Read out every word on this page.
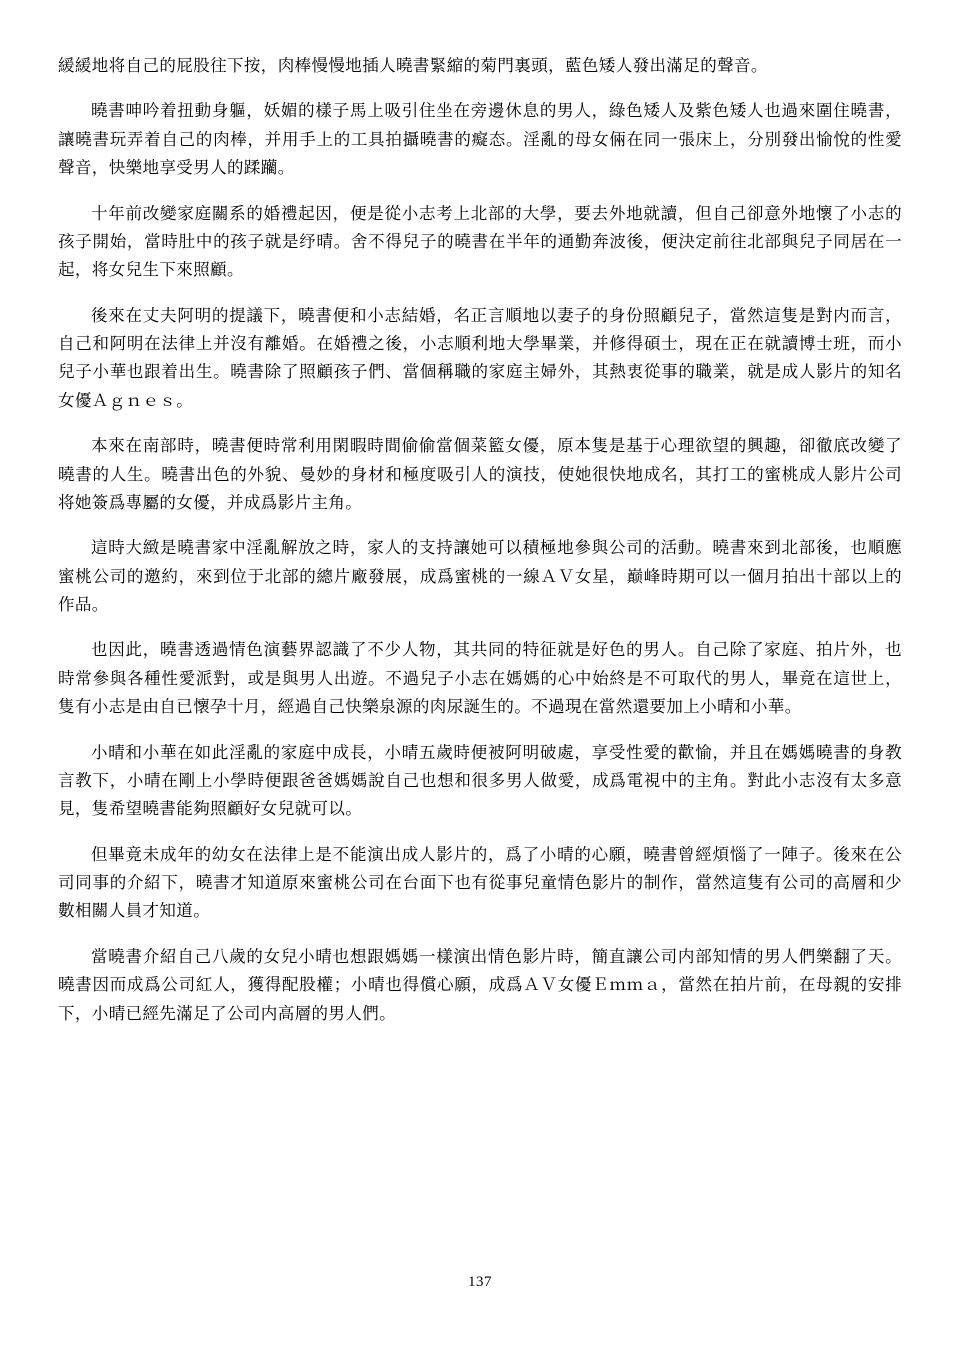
緩緩地将自己的屁股往下按，肉棒慢慢地插人曉書緊縮的菊門裏頭，藍色矮人發出滿足的聲音。

曉書呻吟着扭動身軀，妖媚的樣子馬上吸引住坐在旁邊休息的男人，綠色矮人及紫色矮人也過來圍住曉書，讓曉書玩弄着自己的肉棒，并用手上的工具拍攝曉書的癡态。淫亂的母女倆在同一張床上，分別發出愉悅的性愛聲音，快樂地享受男人的蹂躪。

十年前改變家庭關系的婚禮起因，便是從小志考上北部的大學，要去外地就讀，但自己卻意外地懷了小志的孩子開始，當時肚中的孩子就是纾晴。舍不得兒子的曉書在半年的通勤奔波後，便決定前往北部與兒子同居在一起，将女兒生下來照顧。

後來在丈夫阿明的提議下，曉書便和小志結婚，名正言順地以妻子的身份照顧兒子，當然這隻是對内而言，自己和阿明在法律上并沒有離婚。在婚禮之後，小志順利地大學畢業，并修得碩士，現在正在就讀博士班，而小兒子小華也跟着出生。曉書除了照顧孩子們、當個稱職的家庭主婦外，其熱衷從事的職業，就是成人影片的知名女優Ａｇｎｅｓ。

本來在南部時，曉書便時常利用閑暇時間偷偷當個菜籃女優，原本隻是基于心理欲望的興趣，卻徹底改變了曉書的人生。曉書出色的外貌、曼妙的身材和極度吸引人的演技，使她很快地成名，其打工的蜜桃成人影片公司将她簽爲專屬的女優，并成爲影片主角。

這時大緻是曉書家中淫亂解放之時，家人的支持讓她可以積極地參與公司的活動。曉書來到北部後，也順應蜜桃公司的邀約，來到位于北部的總片廠發展，成爲蜜桃的一線ＡＶ女星，巅峰時期可以一個月拍出十部以上的作品。

也因此，曉書透過情色演藝界認識了不少人物，其共同的特征就是好色的男人。自己除了家庭、拍片外，也時常參與各種性愛派對，或是與男人出遊。不過兒子小志在媽媽的心中始終是不可取代的男人，畢竟在這世上，隻有小志是由自已懷孕十月，經過自己快樂泉源的肉尿誕生的。不過現在當然還要加上小晴和小華。

小晴和小華在如此淫亂的家庭中成長，小晴五歲時便被阿明破處，享受性愛的歡愉，并且在媽媽曉書的身教言教下，小晴在剛上小學時便跟爸爸媽媽說自己也想和很多男人做愛，成爲電視中的主角。對此小志沒有太多意見，隻希望曉書能夠照顧好女兒就可以。

但畢竟未成年的幼女在法律上是不能演出成人影片的，爲了小晴的心願，曉書曾經煩惱了一陣子。後來在公司同事的介紹下，曉書才知道原來蜜桃公司在台面下也有從事兒童情色影片的制作，當然這隻有公司的高層和少數相關人員才知道。

當曉書介紹自己八歲的女兒小晴也想跟媽媽一樣演出情色影片時，簡直讓公司内部知情的男人們樂翻了天。曉書因而成爲公司紅人，獲得配股權；小晴也得償心願，成爲ＡＶ女優Ｅｍｍａ，當然在拍片前，在母親的安排下，小晴已經先滿足了公司内高層的男人們。

137
